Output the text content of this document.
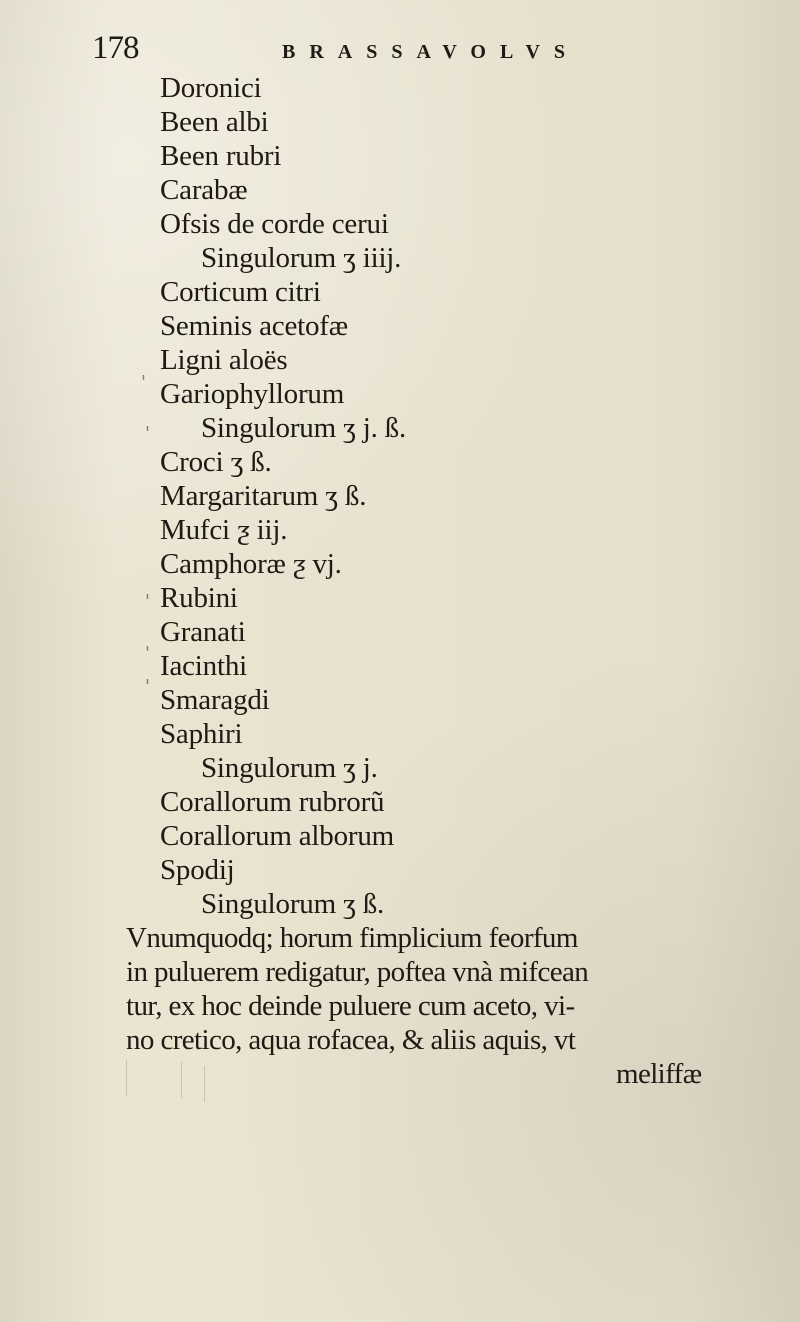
178	BRASSAVOLVS
Doronici
Been albi
Been rubri
Carabæ
Ofsis de corde cerui
Singulorum ʒ iiij.
Corticum citri
Seminis acetofæ
Ligni aloës
Gariophyllorum
Singulorum ʒ j. ß.
Croci ʒ ß.
Margaritarum ʒ ß.
Mufci ƺ iij.
Camphoræ ƺ vj.
Rubini
Granati
Iacinthi
Smaragdi
Saphiri
Singulorum ʒ j.
Corallorum rubrorũ
Corallorum alborum
Spodij
Singulorum ʒ ß.
Vnumquodq; horum fimplicium feorfum
in puluerem redigatur, poftea vnà mifcean
tur, ex hoc deinde puluere cum aceto, vi-
no cretico, aqua rofacea, & aliis aquis, vt
meliffæ
'
'
'
'
'
